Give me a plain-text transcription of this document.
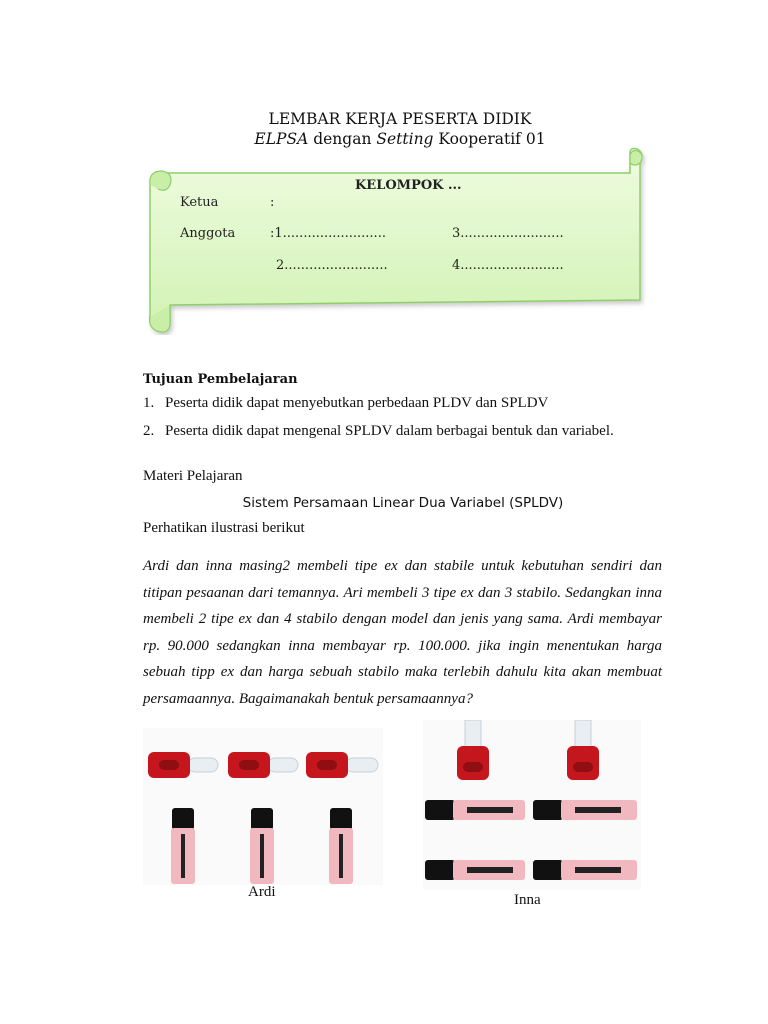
LEMBAR KERJA PESERTA DIDIK
ELPSA dengan Setting Kooperatif 01
KELOMPOK ...
Ketua	:
Anggota	:1.........................	3.........................
2.........................	4.........................
Tujuan Pembelajaran
1. Peserta didik dapat menyebutkan perbedaan PLDV dan SPLDV
2. Peserta didik dapat mengenal SPLDV dalam berbagai bentuk dan variabel.
Materi Pelajaran
Sistem Persamaan Linear Dua Variabel (SPLDV)
Perhatikan ilustrasi berikut
Ardi dan inna masing2 membeli tipe ex dan stabile untuk kebutuhan sendiri dan titipan pesaanan dari temannya. Ari membeli 3 tipe ex dan 3 stabilo. Sedangkan inna membeli 2 tipe ex dan 4 stabilo dengan model dan jenis yang sama. Ardi membayar rp. 90.000 sedangkan inna membayar rp. 100.000. jika ingin menentukan harga sebuah tipp ex dan harga sebuah stabilo maka terlebih dahulu kita akan membuat persamaannya. Bagaimanakah bentuk persamaannya?
Ardi	Inna
